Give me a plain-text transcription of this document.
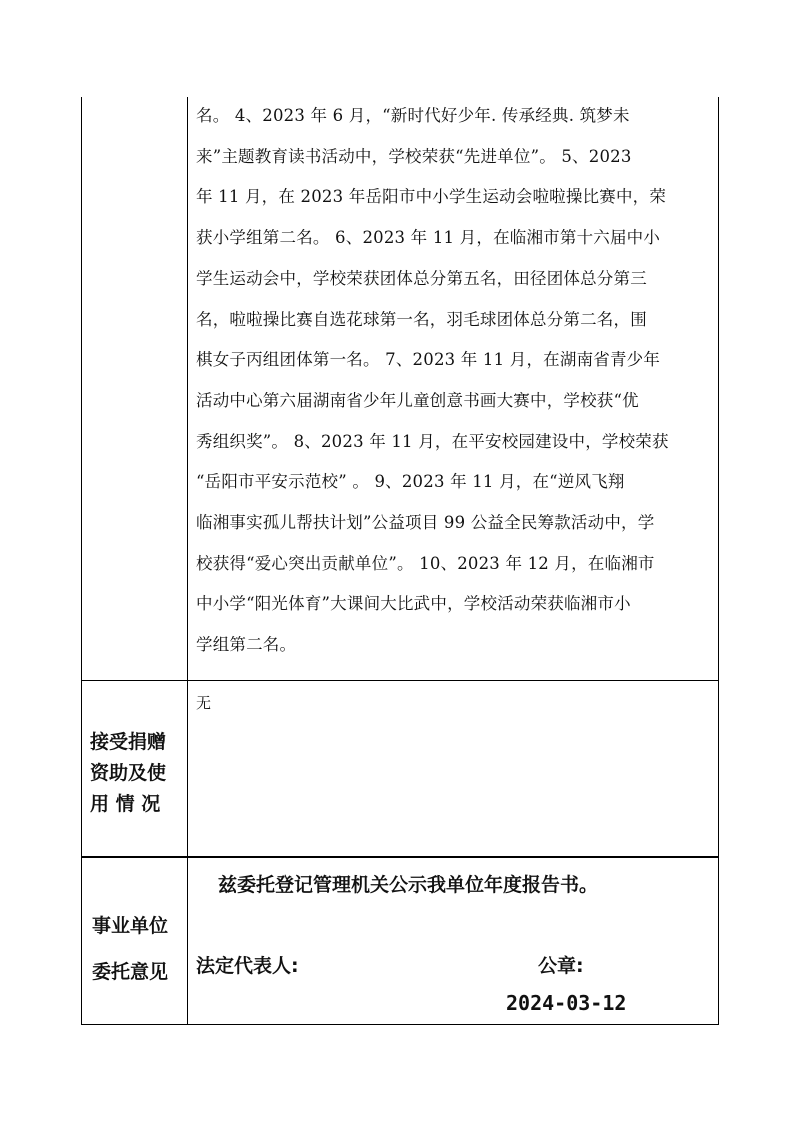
名。 4、2023 年 6 月，“新时代好少年. 传承经典. 筑梦未

来”主题教育读书活动中，学校荣获“先进单位”。 5、2023

年 11 月，在 2023 年岳阳市中小学生运动会啦啦操比赛中，荣

获小学组第二名。 6、2023 年 11 月，在临湘市第十六届中小

学生运动会中，学校荣获团体总分第五名，田径团体总分第三

名，啦啦操比赛自选花球第一名，羽毛球团体总分第二名，围

棋女子丙组团体第一名。 7、2023 年 11 月，在湖南省青少年

活动中心第六届湖南省少年儿童创意书画大赛中，学校获“优

秀组织奖”。 8、2023 年 11 月，在平安校园建设中，学校荣获

“岳阳市平安示范校” 。 9、2023 年 11 月，在“逆风飞翔

临湘事实孤儿帮扶计划”公益项目 99 公益全民筹款活动中，学

校获得“爱心突出贡献单位”。 10、2023 年 12 月，在临湘市

中小学“阳光体育”大课间大比武中，学校活动荣获临湘市小

学组第二名。

接受捐赠
资助及使
用 情 况
无
事业单位
委托意见
兹委托登记管理机关公示我单位年度报告书。
法定代表人:	公章:
2024-03-12
